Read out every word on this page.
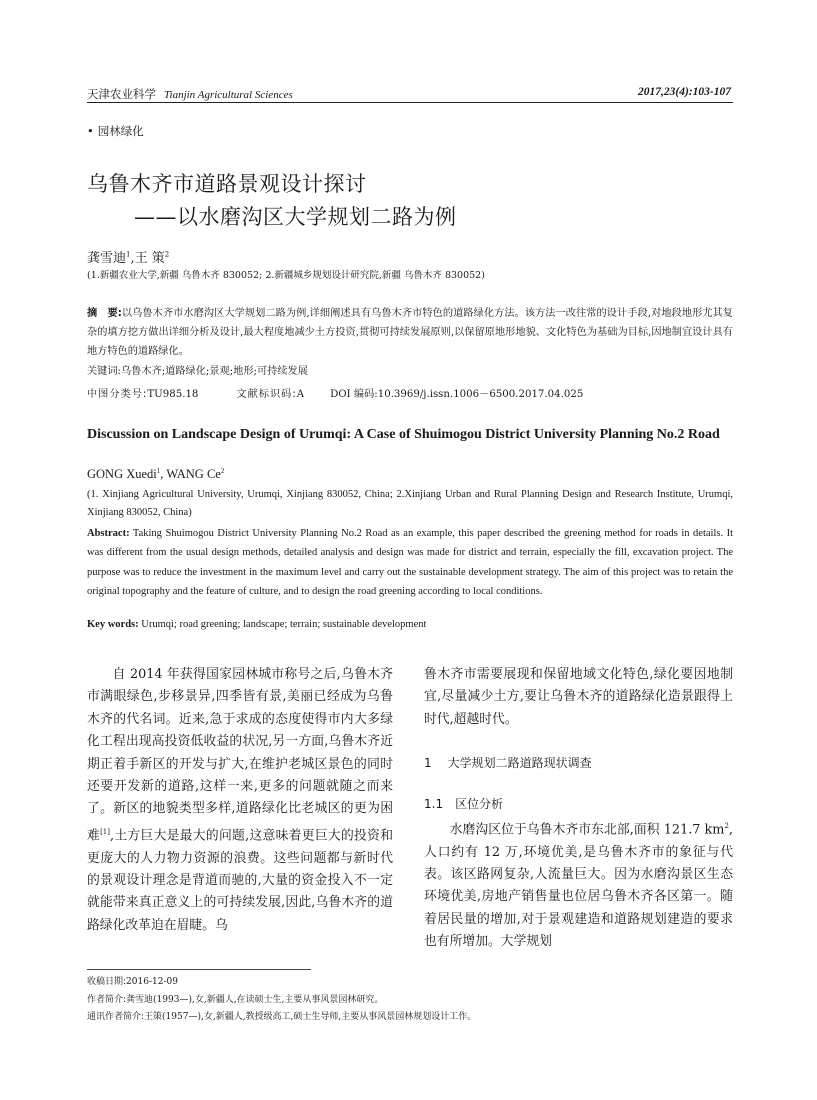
天津农业科学 Tianjin Agricultural Sciences	2017,23(4):103-107
• 园林绿化
乌鲁木齐市道路景观设计探讨
——以水磨沟区大学规划二路为例
龚雪迪$^1$,王 策$^2$
(1.新疆农业大学,新疆 乌鲁木齐 830052; 2.新疆城乡规划设计研究院,新疆 乌鲁木齐 830052)
摘　要:以乌鲁木齐市水磨沟区大学规划二路为例,详细阐述具有乌鲁木齐市特色的道路绿化方法。该方法一改往常的设计手段,对地段地形尤其复杂的填方挖方做出详细分析及设计,最大程度地减少土方投资,贯彻可持续发展原则,以保留原地形地貌、文化特色为基础为目标,因地制宜设计具有地方特色的道路绿化。
关键词:乌鲁木齐;道路绿化;景观;地形;可持续发展
中图分类号:TU985.18	文献标识码:A	DOI 编码:10.3969/j.issn.1006－6500.2017.04.025
Discussion on Landscape Design of Urumqi: A Case of Shuimogou District University Planning No.2 Road
GONG Xuedi$^1$, WANG Ce$^2$
(1. Xinjiang Agricultural University, Urumqi, Xinjiang 830052, China; 2.Xinjiang Urban and Rural Planning Design and Research Institute, Urumqi, Xinjiang 830052, China)
Abstract: Taking Shuimogou District University Planning No.2 Road as an example, this paper described the greening method for roads in details. It was different from the usual design methods, detailed analysis and design was made for district and terrain, especially the fill, excavation project. The purpose was to reduce the investment in the maximum level and carry out the sustainable development strategy. The aim of this project was to retain the original topography and the feature of culture, and to design the road greening according to local conditions.
Key words: Urumqi; road greening; landscape; terrain; sustainable development
自 2014 年获得国家园林城市称号之后,乌鲁木齐市满眼绿色,步移景异,四季皆有景,美丽已经成为乌鲁木齐的代名词。近来,急于求成的态度使得市内大多绿化工程出现高投资低收益的状况,另一方面,乌鲁木齐近期正着手新区的开发与扩大,在维护老城区景色的同时还要开发新的道路,这样一来,更多的问题就随之而来了。新区的地貌类型多样,道路绿化比老城区的更为困难[1],土方巨大是最大的问题,这意味着更巨大的投资和更庞大的人力物力资源的浪费。这些问题都与新时代的景观设计理念是背道而驰的,大量的资金投入不一定就能带来真正意义上的可持续发展,因此,乌鲁木齐的道路绿化改革迫在眉睫。乌
鲁木齐市需要展现和保留地域文化特色,绿化要因地制宜,尽量减少土方,要让乌鲁木齐的道路绿化造景跟得上时代,超越时代。
1 大学规划二路道路现状调查
1.1 区位分析
水磨沟区位于乌鲁木齐市东北部,面积 121.7 $km^2$,人口约有 12 万,环境优美,是乌鲁木齐市的象征与代表。该区路网复杂,人流量巨大。因为水磨沟景区生态环境优美,房地产销售量也位居乌鲁木齐各区第一。随着居民量的增加,对于景观建造和道路规划建造的要求也有所增加。大学规划
收稿日期:2016-12-09
作者简介:龚雪迪(1993—),女,新疆人,在读硕士生,主要从事风景园林研究。
通讯作者简介:王策(1957—),女,新疆人,教授级高工,硕士生导师,主要从事风景园林规划设计工作。
